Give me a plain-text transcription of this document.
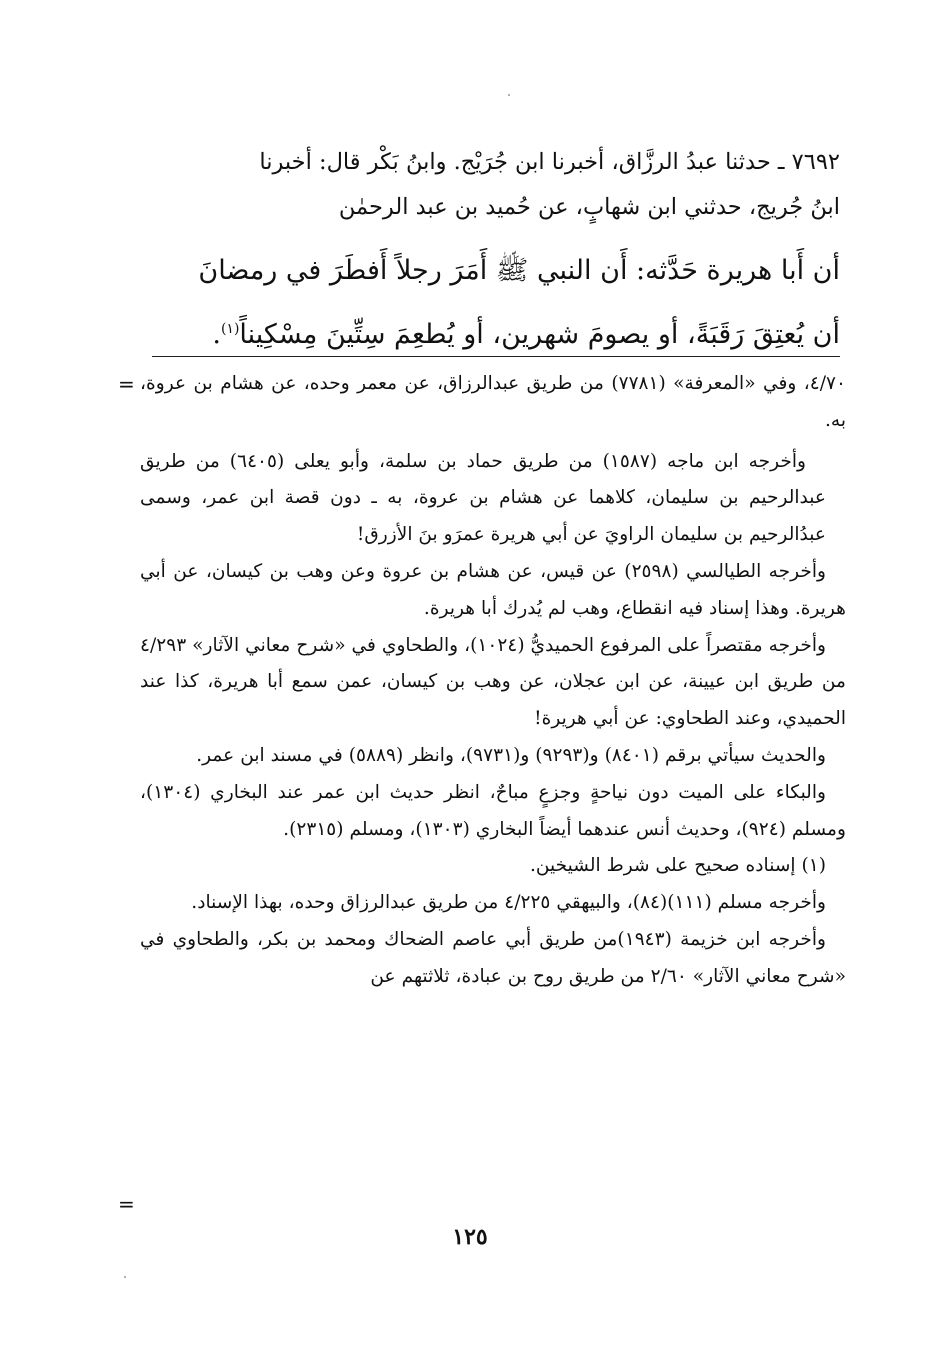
٧٦٩٢ ـ حدثنا عبدُ الرزَّاق، أخبرنا ابن جُرَيْج. وابنُ بَكْر قال: أخبرنا
ابنُ جُريج، حدثني ابن شهابٍ، عن حُميد بن عبد الرحمٰن
أن أَبا هريرة حَدَّثه: أَن النبي ﷺ أَمَرَ رجلاً أَفطَرَ في رمضانَ
أن يُعتِقَ رَقَبَةً، أو يصومَ شهرين، أو يُطعِمَ سِتِّينَ مِسْكِيناً$^{(١)}$.
= ٤/٧٠، وفي «المعرفة» (٧٧٨١) من طريق عبدالرزاق، عن معمر وحده، عن هشام بن عروة، به.

وأخرجه ابن ماجه (١٥٨٧) من طريق حماد بن سلمة، وأبو يعلى (٦٤٠٥) من طريق عبدالرحيم بن سليمان، كلاهما عن هشام بن عروة، به ـ دون قصة ابن عمر، وسمى عبدُالرحيم بن سليمان الراويَ عن أبي هريرة عمرَو بنَ الأزرق!

وأخرجه الطيالسي (٢٥٩٨) عن قيس، عن هشام بن عروة وعن وهب بن كيسان، عن أبي هريرة. وهذا إسناد فيه انقطاع، وهب لم يُدرك أبا هريرة.

وأخرجه مقتصراً على المرفوع الحميديُّ (١٠٢٤)، والطحاوي في «شرح معاني الآثار» ٤/٢٩٣ من طريق ابن عيينة، عن ابن عجلان، عن وهب بن كيسان، عمن سمع أبا هريرة، كذا عند الحميدي، وعند الطحاوي: عن أبي هريرة!

والحديث سيأتي برقم (٨٤٠١) و(٩٢٩٣) و(٩٧٣١)، وانظر (٥٨٨٩) في مسند ابن عمر.

والبكاء على الميت دون نياحةٍ وجزعٍ مباحٌ، انظر حديث ابن عمر عند البخاري (١٣٠٤)، ومسلم (٩٢٤)، وحديث أنس عندهما أيضاً البخاري (١٣٠٣)، ومسلم (٢٣١٥).

(١) إسناده صحيح على شرط الشيخين.

وأخرجه مسلم (١١١)(٨٤)، والبيهقي ٤/٢٢٥ من طريق عبدالرزاق وحده، بهذا الإسناد.

وأخرجه ابن خزيمة (١٩٤٣)من طريق أبي عاصم الضحاك ومحمد بن بكر، والطحاوي في «شرح معاني الآثار» ٢/٦٠ من طريق روح بن عبادة، ثلاثتهم عن

=
١٢٥
